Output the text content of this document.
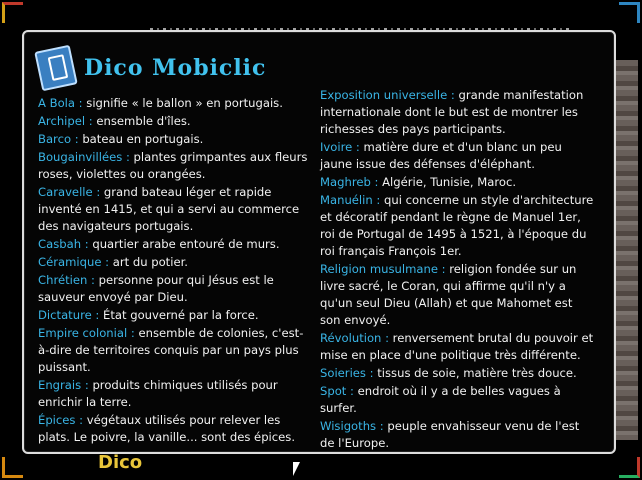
Dico Mobiclic
A Bola : signifie « le ballon » en portugais.
Archipel : ensemble d'îles.
Barco : bateau en portugais.
Bougainvillées : plantes grimpantes aux fleurs roses, violettes ou orangées.
Caravelle : grand bateau léger et rapide inventé en 1415, et qui a servi au commerce des navigateurs portugais.
Casbah : quartier arabe entouré de murs.
Céramique : art du potier.
Chrétien : personne pour qui Jésus est le sauveur envoyé par Dieu.
Dictature : État gouverné par la force.
Empire colonial : ensemble de colonies, c'est-à-dire de territoires conquis par un pays plus puissant.
Engrais : produits chimiques utilisés pour enrichir la terre.
Épices : végétaux utilisés pour relever les plats. Le poivre, la vanille... sont des épices.
Exposition universelle : grande manifestation internationale dont le but est de montrer les richesses des pays participants.
Ivoire : matière dure et d'un blanc un peu jaune issue des défenses d'éléphant.
Maghreb : Algérie, Tunisie, Maroc.
Manuélin : qui concerne un style d'architecture et décoratif pendant le règne de Manuel 1er, roi de Portugal de 1495 à 1521, à l'époque du roi français François 1er.
Religion musulmane : religion fondée sur un livre sacré, le Coran, qui affirme qu'il n'y a qu'un seul Dieu (Allah) et que Mahomet est son envoyé.
Révolution : renversement brutal du pouvoir et mise en place d'une politique très différente.
Soieries : tissus de soie, matière très douce.
Spot : endroit où il y a de belles vagues à surfer.
Wisigoths : peuple envahisseur venu de l'est de l'Europe.
Dico
